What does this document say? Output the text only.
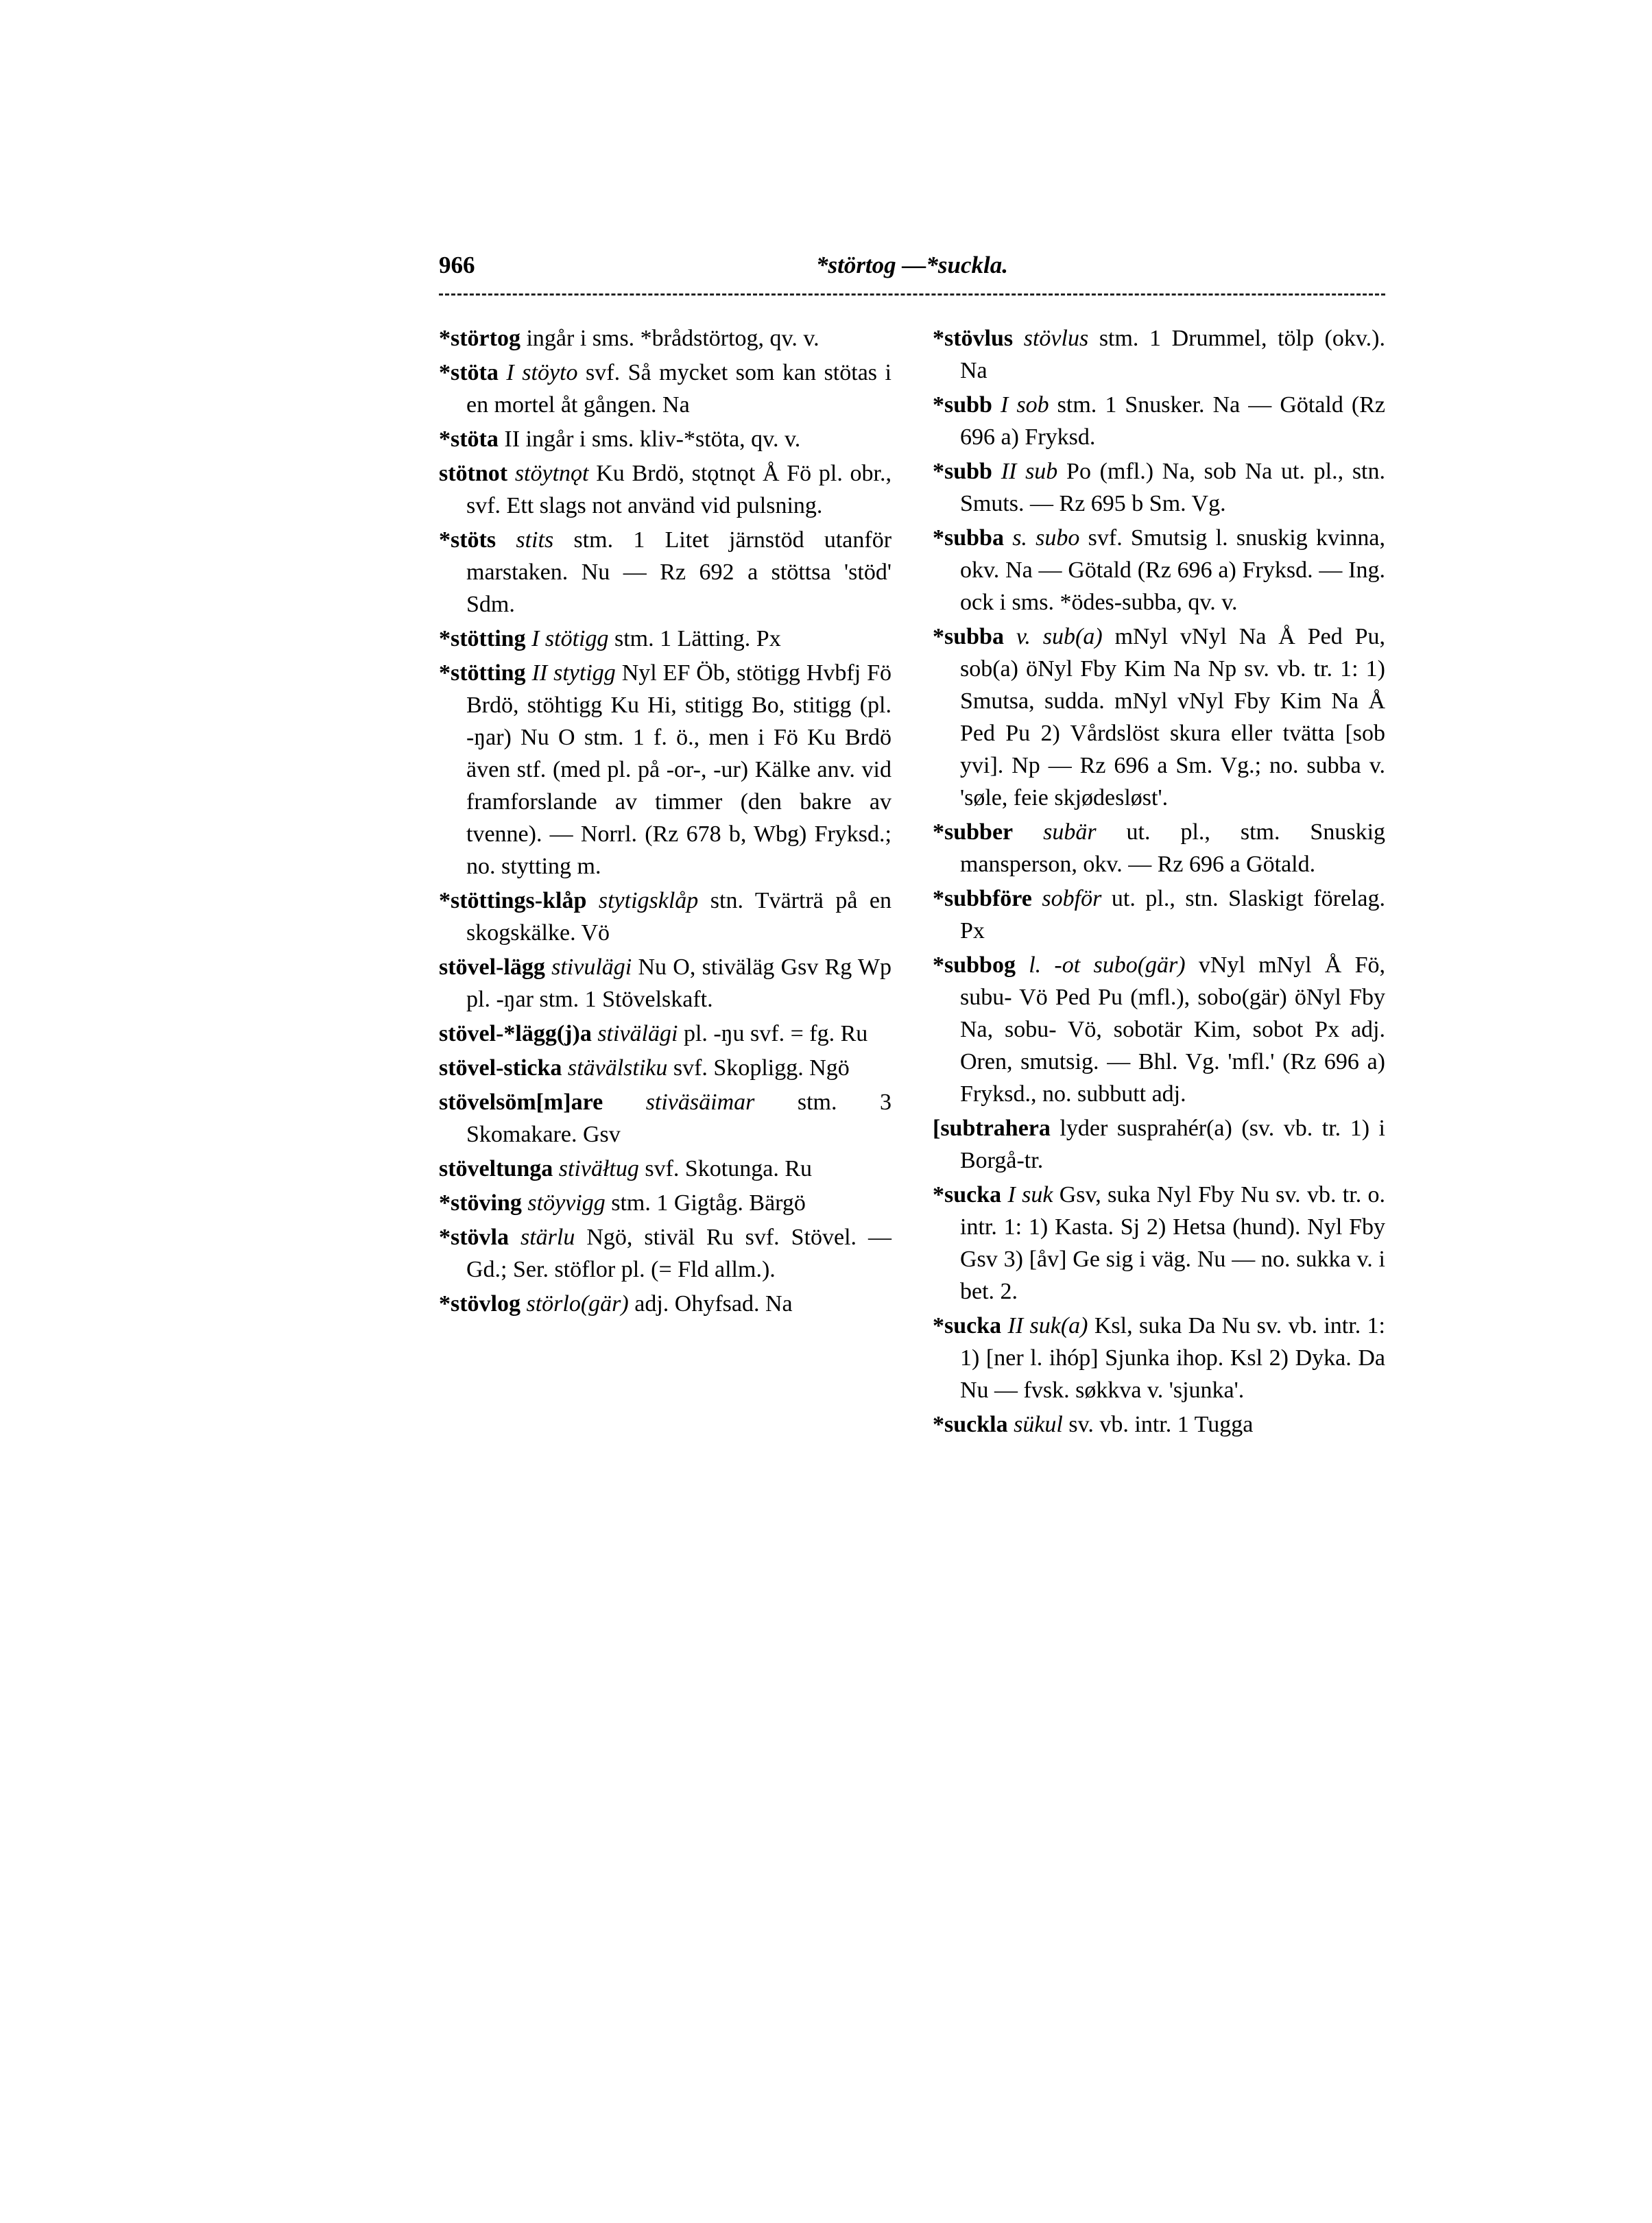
966	*störtog —*suckla.

*störtog ingår i sms. *brådstörtog, qv. v.

*stöta I stöyto svf. Så mycket som kan stötas i en mortel åt gången. Na

*stöta II ingår i sms. kliv-*stöta, qv. v.

stötnot stöytnǫt Ku Brdö, stǫtnǫt Å Fö pl. obr., svf. Ett slags not använd vid pulsning.

*stöts stits stm. 1 Litet järnstöd utanför marstaken. Nu — Rz 692 a stöttsa 'stöd' Sdm.

*stötting I stötigg stm. 1 Lätting. Px

*stötting II stytigg Nyl EF Öb, stötigg Hvbfj Fö Brdö, stöhtigg Ku Hi, stitigg Bo, stitigg (pl. -ŋar) Nu O stm. 1 f. ö., men i Fö Ku Brdö även stf. (med pl. på -or-, -ur) Kälke anv. vid framforslande av timmer (den bakre av tvenne). — Norrl. (Rz 678 b, Wbg) Fryksd.; no. stytting m.

*stöttings-klåp stytigsklåp stn. Tvärträ på en skogskälke. Vö

stövel-lägg stivulägi Nu O, stiväläg Gsv Rg Wp pl. -ŋar stm. 1 Stövelskaft.

stövel-*lägg(j)a stivälägi pl. -ŋu svf. = fg. Ru

stövel-sticka stävälstiku svf. Skopligg. Ngö

stövelsöm[m]are stiväsäimar stm. 3 Skomakare. Gsv

stöveltunga stiväłtug svf. Skotunga. Ru

*stöving stöyvigg stm. 1 Gigtåg. Bärgö

*stövla stärlu Ngö, stiväl Ru svf. Stövel. — Gd.; Ser. stöflor pl. (= Fld allm.).

*stövlog störlo(gär) adj. Ohyfsad. Na

*stövlus stövlus stm. 1 Drummel, tölp (okv.). Na

*subb I sob stm. 1 Snusker. Na — Götald (Rz 696 a) Fryksd.

*subb II sub Po (mfl.) Na, sob Na ut. pl., stn. Smuts. — Rz 695 b Sm. Vg.

*subba s. subo svf. Smutsig l. snuskig kvinna, okv. Na — Götald (Rz 696 a) Fryksd. — Ing. ock i sms. *ödes-subba, qv. v.

*subba v. sub(a) mNyl vNyl Na Å Ped Pu, sob(a) öNyl Fby Kim Na Np sv. vb. tr. 1: 1) Smutsa, sudda. mNyl vNyl Fby Kim Na Å Ped Pu 2) Vårdslöst skura eller tvätta [sob yvi]. Np — Rz 696 a Sm. Vg.; no. subba v. 'søle, feie skjødesløst'.

*subber subär ut. pl., stm. Snuskig mansperson, okv. — Rz 696 a Götald.

*subbföre sobför ut. pl., stn. Slaskigt förelag. Px

*subbog l. -ot subo(gär) vNyl mNyl Å Fö, subu- Vö Ped Pu (mfl.), sobo(gär) öNyl Fby Na, sobu- Vö, sobotär Kim, sobot Px adj. Oren, smutsig. — Bhl. Vg. 'mfl.' (Rz 696 a) Fryksd., no. subbutt adj.

[subtrahera lyder susprahér(a) (sv. vb. tr. 1) i Borgå-tr.

*sucka I suk Gsv, suka Nyl Fby Nu sv. vb. tr. o. intr. 1: 1) Kasta. Sj 2) Hetsa (hund). Nyl Fby Gsv 3) [åv] Ge sig i väg. Nu — no. sukka v. i bet. 2.

*sucka II suk(a) Ksl, suka Da Nu sv. vb. intr. 1: 1) [ner l. ihóp] Sjunka ihop. Ksl 2) Dyka. Da Nu — fvsk. søkkva v. 'sjunka'.

*suckla sükul sv. vb. intr. 1 Tugga
